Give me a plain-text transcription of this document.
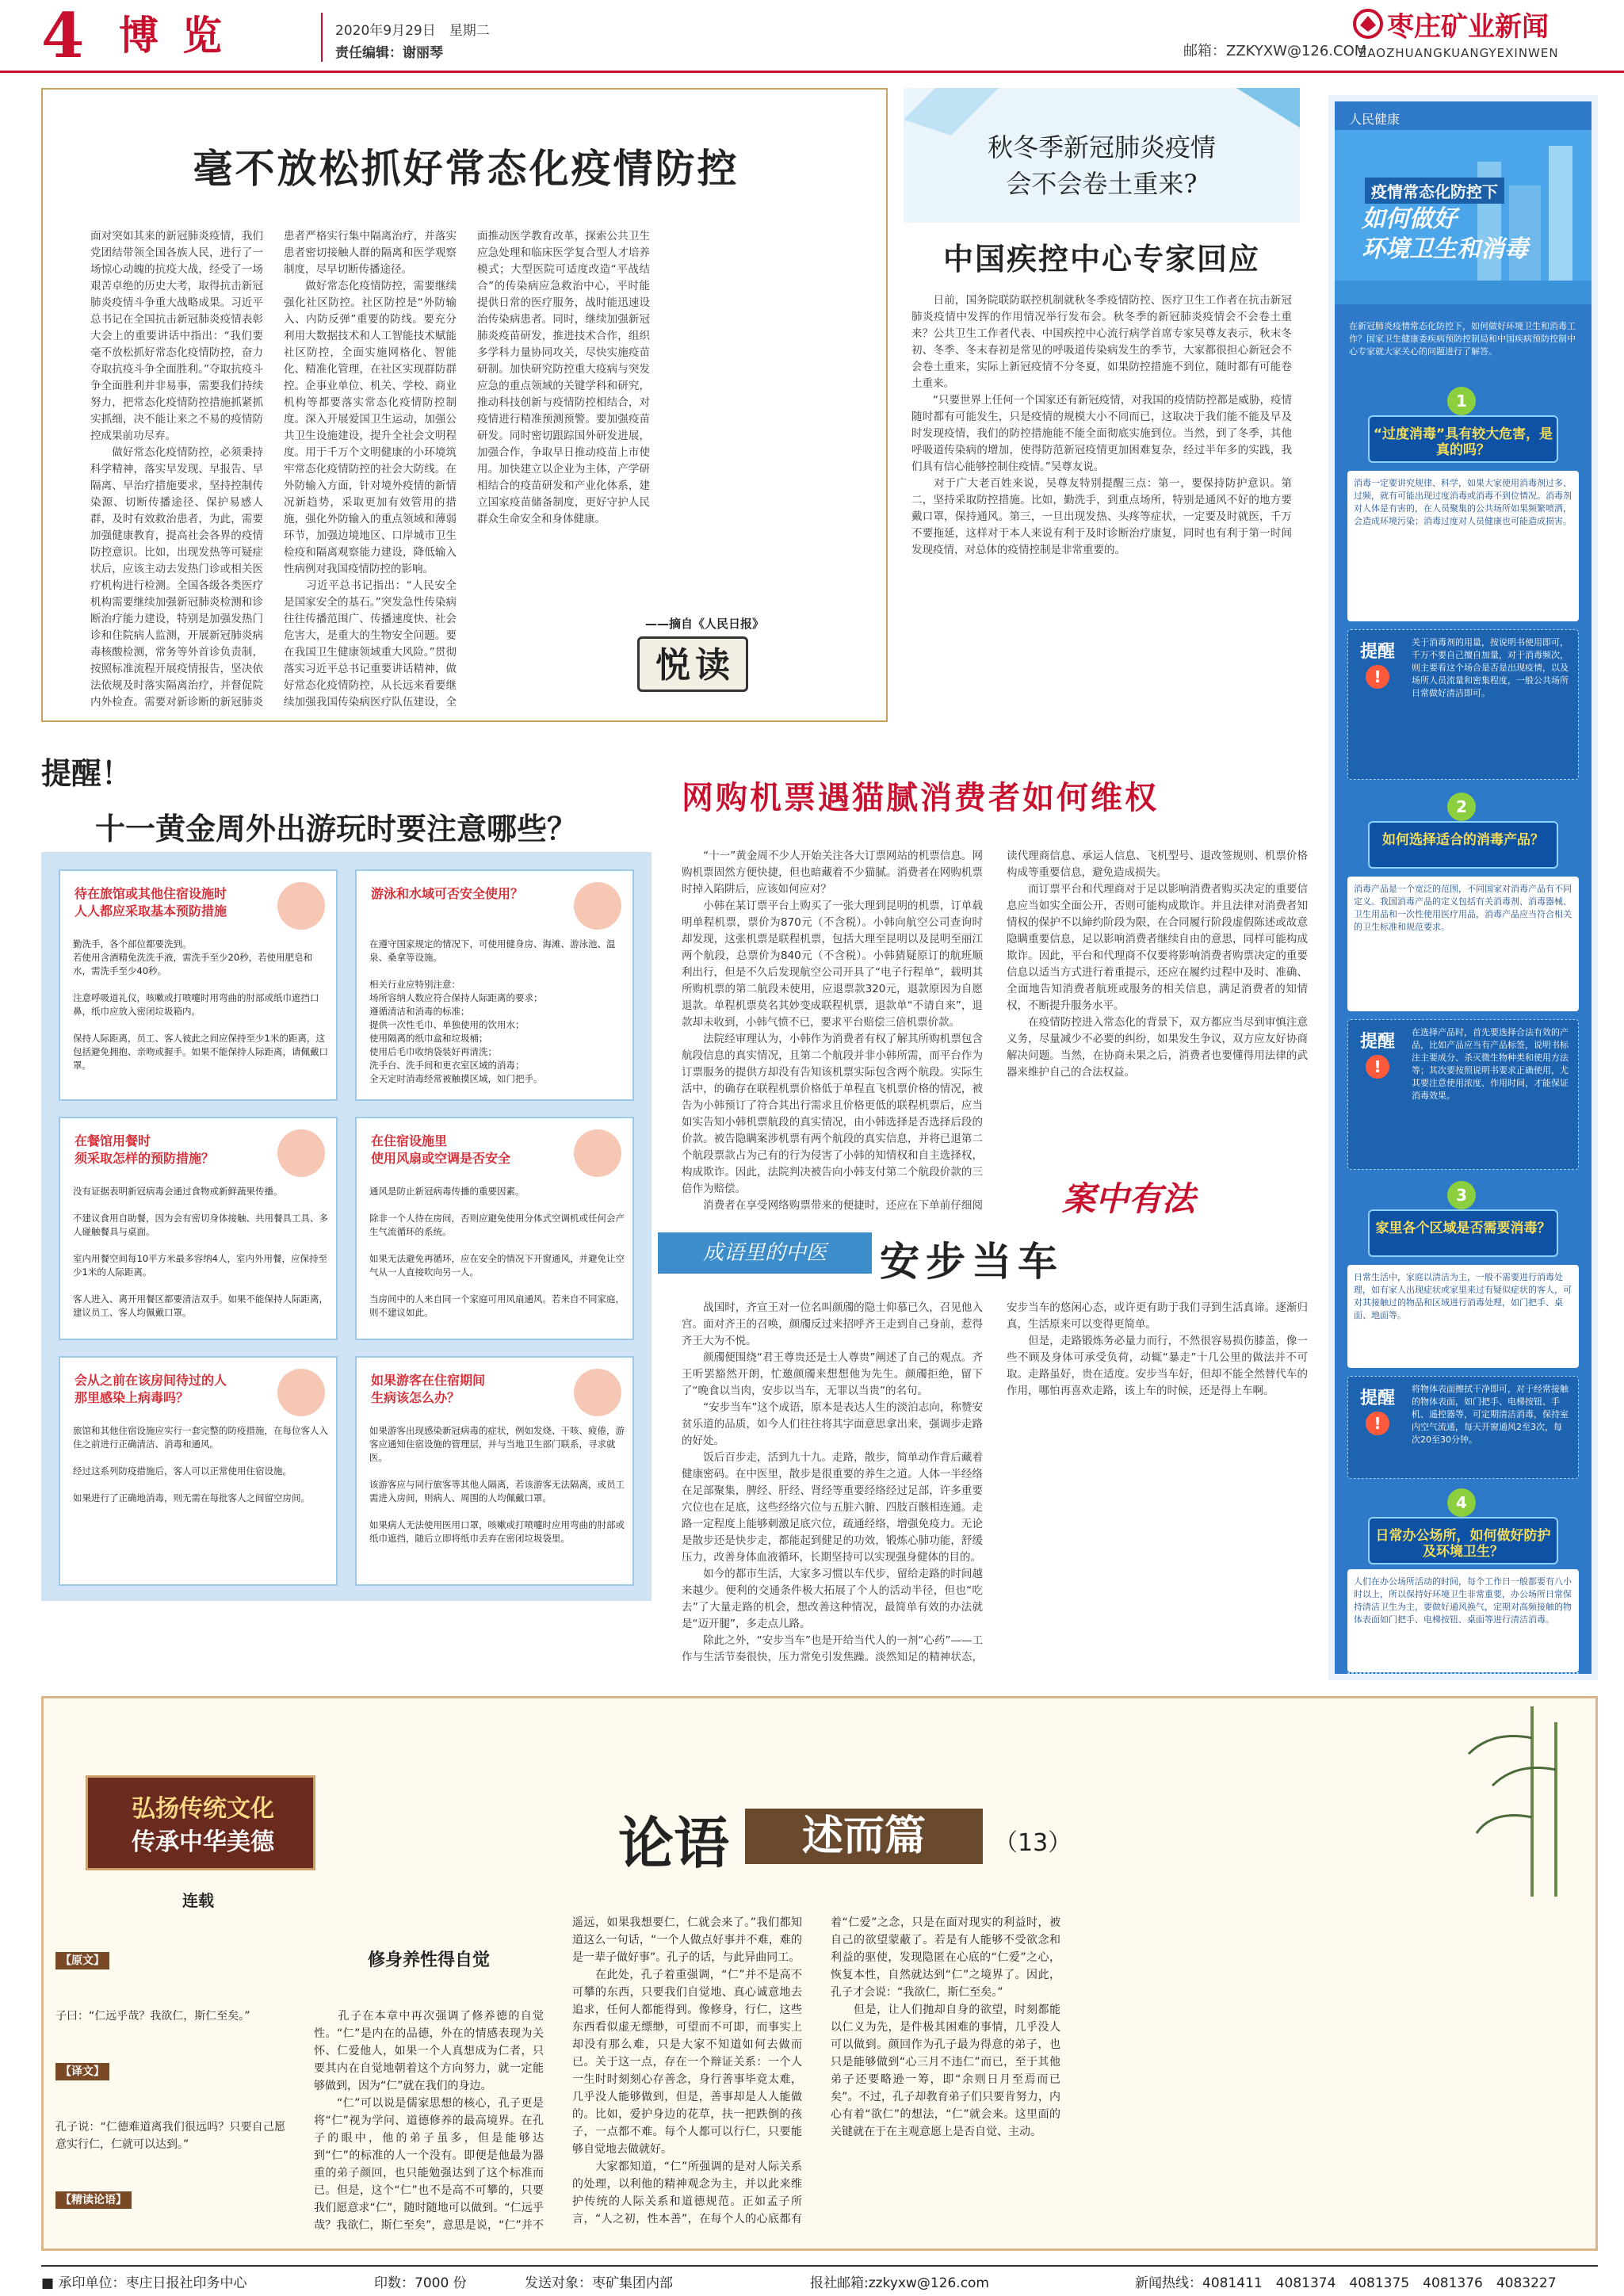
4 博览	2020年9月29日　星期二
责任编辑：谢丽琴	邮箱：ZZKYXW@126.COM
枣庄矿业新闻
ZAOZHUANGKUANGYEXINWEN
毫不放松抓好常态化疫情防控
面对突如其来的新冠肺炎疫情，我们党团结带领全国各族人民，进行了一场惊心动魄的抗疫大战，经受了一场艰苦卓绝的历史大考，取得抗击新冠肺炎疫情斗争重大战略成果。习近平总书记在全国抗击新冠肺炎疫情表彰大会上的重要讲话中指出：“我们要毫不放松抓好常态化疫情防控，奋力夺取抗疫斗争全面胜利。”夺取抗疫斗争全面胜利并非易事，需要我们持续努力，把常态化疫情防控措施抓紧抓实抓细，决不能让来之不易的疫情防控成果前功尽弃。
　　做好常态化疫情防控，必须秉持科学精神，落实早发现、早报告、早隔离、早治疗措施要求，坚持控制传染源、切断传播途径、保护易感人群，及时有效救治患者，为此，需要加强健康教育，提高社会各界的疫情防控意识。比如，出现发热等可疑症状后，应该主动去发热门诊或相关医疗机构进行检测。全国各级各类医疗机构需要继续加强新冠肺炎检测和诊断治疗能力建设，特别是加强发热门诊和住院病人监测，开展新冠肺炎病毒核酸检测，常务等外首诊负责制，按照标准流程开展疫情报告，坚决依法依规及时落实隔离治疗，并督促院内外检查。需要对新诊断的新冠肺炎患者严格实行集中隔离治疗，并落实患者密切接触人群的隔离和医学观察制度，尽早切断传播途径。
　　做好常态化疫情防控，需要继续强化社区防控。社区防控是“外防输入、内防反弹”重要的防线。要充分利用大数据技术和人工智能技术赋能社区防控，全面实施网格化、智能化、精准化管理，在社区实现群防群控。企事业单位、机关、学校、商业机构等都要落实常态化疫情防控制度。深入开展爱国卫生运动，加强公共卫生设施建设，提升全社会文明程度。用于千万个文明健康的小环境筑牢常态化疫情防控的社会大防线。在外防输入方面，针对境外疫情的新情况新趋势，采取更加有效管用的措施，强化外防输入的重点领域和薄弱环节，加强边境地区、口岸城市卫生检疫和隔离观察能力建设，降低输入性病例对我国疫情防控的影响。
　　习近平总书记指出：“人民安全是国家安全的基石。”突发急性传染病往往传播范围广、传播速度快、社会危害大，是重大的生物安全问题。要在我国卫生健康领域重大风险。”贯彻落实习近平总书记重要讲话精神，做好常态化疫情防控，从长远来看要继续加强我国传染病医疗队伍建设，全面推动医学教育改革，探索公共卫生应急处理和临床医学复合型人才培养模式；大型医院可适度改造“平战结合”的传染病应急救治中心，平时能提供日常的医疗服务，战时能迅速设治传染病患者。同时，继续加强新冠肺炎疫苗研发，推进技术合作，组织多学科力量协同攻关，尽快实施疫苗研制。加快研究防控重大疫病与突发应急的重点领域的关键学科和研究，推动科技创新与疫情防控相结合，对疫情进行精准预测预警。要加强疫苗研发。同时密切跟踪国外研发进展，加强合作，争取早日推动疫苗上市使用。加快建立以企业为主体，产学研相结合的疫苗研发和产业化体系，建立国家疫苗储备制度，更好守护人民群众生命安全和身体健康。
——摘自《人民日报》
悦 读
秋冬季新冠肺炎疫情
会不会卷土重来?
中国疾控中心专家回应
　　日前，国务院联防联控机制就秋冬季疫情防控、医疗卫生工作者在抗击新冠肺炎疫情中发挥的作用情况举行发布会。秋冬季的新冠肺炎疫情会不会卷土重来？公共卫生工作者代表、中国疾控中心流行病学首席专家吴尊友表示，秋末冬初、冬季、冬末春初是常见的呼吸道传染病发生的季节，大家都很担心新冠会不会卷土重来，实际上新冠疫情不分冬夏，如果防控措施不到位，随时都有可能卷土重来。
　　“只要世界上任何一个国家还有新冠疫情，对我国的疫情防控都是威胁，疫情随时都有可能发生，只是疫情的规模大小不同而已，这取决于我们能不能及早及时发现疫情，我们的防控措施能不能全面彻底实施到位。当然，到了冬季，其他呼吸道传染病的增加，使得防范新冠疫情更加困难复杂，经过半年多的实践，我们具有信心能够控制住疫情。”吴尊友说。
　　对于广大老百姓来说，吴尊友特别提醒三点：第一，要保持防护意识。第二，坚持采取防控措施。比如，勤洗手，到重点场所，特别是通风不好的地方要戴口罩，保持通风。第三，一旦出现发热、头疼等症状，一定要及时就医，千万不要拖延，这样对于本人来说有利于及时诊断治疗康复，同时也有利于第一时间发现疫情，对总体的疫情控制是非常重要的。
人民健康
疫情常态化防控下
如何做好
环境卫生和消毒
在新冠肺炎疫情常态化防控下，如何做好环境卫生和消毒工作？国家卫生健康委疾病预防控制局和中国疾病预防控制中心专家就大家关心的问题进行了解答。
1
“过度消毒”具有较大危害，是真的吗？
消毒一定要讲究规律、科学，如果大家使用消毒剂过多、过频，就有可能出现过度消毒或消毒不到位情况。消毒剂对人体是有害的，在人员聚集的公共场所如果频繁喷洒，会造成环境污染；消毒过度对人员健康也可能造成损害。
提醒
!
关于消毒剂的用量，按说明书使用即可，千万不要自己擅自加量，对于消毒频次，则主要看这个场合是否是出现疫情，以及场所人员流量和密集程度，一般公共场所日常做好清洁即可。
2
如何选择适合的消毒产品？
消毒产品是一个宽泛的范围，不同国家对消毒产品有不同定义。我国消毒产品的定义包括有关消毒剂、消毒器械、卫生用品和一次性使用医疗用品，消毒产品应当符合相关的卫生标准和规范要求。
提醒
!
在选择产品时，首先要选择合法有效的产品，比如产品应当有产品标签，说明书标注主要成分、杀灭微生物种类和使用方法等；其次要按照说明书要求正确使用，尤其要注意使用浓度、作用时间，才能保证消毒效果。
3
家里各个区域是否需要消毒？
日常生活中，家庭以清洁为主，一般不需要进行消毒处理，如有家人出现症状或家里来过有疑似症状的客人，可对其接触过的物品和区域进行消毒处理，如门把手、桌面、地面等。
提醒
!
将物体表面擦拭干净即可，对于经常接触的物体表面，如门把手、电梯按钮、手机、遥控器等，可定期清洁消毒，保持室内空气流通，每天开窗通风2至3次，每次20至30分钟。
4
日常办公场所，如何做好防护及环境卫生？
人们在办公场所活动的时间，每个工作日一般都要有八小时以上，所以保持好环境卫生非常重要，办公场所日常保持清洁卫生为主，要做好通风换气，定期对高频接触的物体表面如门把手、电梯按钮、桌面等进行清洁消毒。
提醒！
十一黄金周外出游玩时要注意哪些？
待在旅馆或其他住宿设施时
人人都应采取基本预防措施
勤洗手，各个部位都要洗到。
若使用含酒精免洗洗手液，需洗手至少20秒，若使用肥皂和水，需洗手至少40秒。

注意呼吸道礼仪，咳嗽或打喷嚏时用弯曲的肘部或纸巾遮挡口鼻，纸巾应放入密闭垃圾箱内。

保持人际距离，员工、客人彼此之间应保持至少1米的距离，这包括避免拥抱、亲吻或握手。如果不能保持人际距离，请佩戴口罩。
游泳和水域可否安全使用？
在遵守国家规定的情况下，可使用健身房、海滩、游泳池、温泉、桑拿等设施。

相关行业应特别注意：
场所容纳人数应符合保持人际距离的要求；
遵循清洁和消毒的标准；
提供一次性毛巾、单独使用的饮用水；
使用隔离的纸巾盒和垃圾桶；
使用后毛巾收纳袋装好再清洗；
洗手台、洗手间和更衣室区域的消毒；
全天定时消毒经常被触摸区域，如门把手。
在餐馆用餐时
须采取怎样的预防措施？
没有证据表明新冠病毒会通过食物或新鲜蔬果传播。

不建议食用自助餐，因为会有密切身体接触、共用餐具工具、多人碰触餐具与桌面。

室内用餐空间每10平方米最多容纳4人，室内外用餐，应保持至少1米的人际距离。

客人进入、离开用餐区都要清洁双手。如果不能保持人际距离，建议员工、客人均佩戴口罩。
在住宿设施里
使用风扇或空调是否安全
通风是防止新冠病毒传播的重要因素。

除非一个人待在房间，否则应避免使用分体式空调机或任何会产生气流循环的系统。

如果无法避免再循环，应在安全的情况下开窗通风，并避免让空气从一人直接吹向另一人。

当房间中的人来自同一个家庭可用风扇通风。若来自不同家庭，则不建议如此。
会从之前在该房间待过的人
那里感染上病毒吗？
旅馆和其他住宿设施应实行一套完整的防疫措施，在每位客人入住之前进行正确清洁、消毒和通风。

经过这系列防疫措施后，客人可以正常使用住宿设施。

如果进行了正确地消毒，则无需在每批客人之间留空房间。
如果游客在住宿期间
生病该怎么办？
如果游客出现感染新冠病毒的症状，例如发烧、干咳、疲倦，游客应通知住宿设施的管理层，并与当地卫生部门联系，寻求就医。

该游客应与同行旅客等其他人隔离，若该游客无法隔离，或员工需进入房间，则病人、周围的人均佩戴口罩。

如果病人无法使用医用口罩，咳嗽或打喷嚏时应用弯曲的肘部或纸巾遮挡，随后立即将纸巾丢弃在密闭垃圾袋里。
网购机票遇猫腻消费者如何维权
　　“十一”黄金周不少人开始关注各大订票网站的机票信息。网购机票固然方便快捷，但也暗藏着不少猫腻。消费者在网购机票时掉入陷阱后，应该如何应对？
　　小韩在某订票平台上购买了一张大理到昆明的机票，订单载明单程机票，票价为870元（不含税）。小韩向航空公司查询时却发现，这张机票是联程机票，包括大理至昆明以及昆明至丽江两个航段，总票价为840元（不含税）。小韩猜疑原订的航班顺利出行，但是不久后发现航空公司开具了“电子行程单”，载明其所购机票的第二航段未使用，应退票款320元，退款原因为自愿退款。单程机票莫名其妙变成联程机票，退款单“不请自来”，退款却未收到，小韩气愤不已，要求平台赔偿三倍机票价款。
　　法院经审理认为，小韩作为消费者有权了解其所购机票包含航段信息的真实情况，且第二个航段并非小韩所需，而平台作为订票服务的提供方却没有告知该机票实际包含两个航段。实际生活中，的确存在联程机票价格低于单程直飞机票价格的情况，被告为小韩预订了符合其出行需求且价格更低的联程机票后，应当如实告知小韩机票航段的真实情况，由小韩选择是否选择后段的价款。被告隐瞒案涉机票有两个航段的真实信息，并将已退第二个航段票款占为己有的行为侵害了小韩的知情权和自主选择权，构成欺诈。因此，法院判决被告向小韩支付第二个航段价款的三倍作为赔偿。
　　消费者在享受网络购票带来的便捷时，还应在下单前仔细阅读代理商信息、承运人信息、飞机型号、退改签规则、机票价格构成等重要信息，避免造成损失。
　　而订票平台和代理商对于足以影响消费者购买决定的重要信息应当如实全面公开，否则可能构成欺诈。并且法律对消费者知情权的保护不以締约阶段为限，在合同履行阶段虚假陈述或故意隐瞒重要信息，足以影响消费者继续自由的意思，同样可能构成欺诈。因此，平台和代理商不仅要将影响消费者购票决定的重要信息以适当方式进行着重提示，还应在履约过程中及时、准确、全面地告知消费者航班或服务的相关信息，满足消费者的知情权，不断提升服务水平。
　　在疫情防控进入常态化的背景下，双方都应当尽到审慎注意义务，尽量减少不必要的纠纷，如果发生争议，双方应友好协商解决问题。当然，在协商未果之后，消费者也要懂得用法律的武器来维护自己的合法权益。
案中有法
成语里的中医	安步当车
　　战国时，齐宣王对一位名叫颜斶的隐士仰慕已久，召见他入宫。面对齐王的召唤，颜斶反过来招呼齐王走到自己身前，惹得齐王大为不悦。
　　颜斶便围绕“君王尊贵还是士人尊贵”阐述了自己的观点。齐王听罢豁然开朗，忙邀颜斶来想想他为先生。颜斶拒绝，留下了“晚食以当肉，安步以当车，无罪以当贵”的名句。
　　“安步当车”这个成语，原本是表达人生的淡泊志向，称赞安贫乐道的品质，如今人们往往将其字面意思拿出来，强调步走路的好处。
　　饭后百步走，活到九十九。走路，散步，简单动作背后藏着健康密码。在中医里，散步是很重要的养生之道。人体一半经络在足部聚集，脾经、肝经、肾经等重要经络经过足部，许多重要穴位也在足底，这些经络穴位与五脏六腑、四肢百骸相连通。走路一定程度上能够刺激足底穴位，疏通经络，增强免疫力。无论是散步还是快步走，都能起到健足的功效，锻炼心肺功能，舒缓压力，改善身体血液循环，长期坚持可以实现强身健体的目的。
　　如今的都市生活，大家多习惯以车代步，留给走路的时间越来越少。便利的交通条件极大拓展了个人的活动半径，但也“吃去”了大量走路的机会，想改善这种情况，最简单有效的办法就是“迈开腿”，多走点儿路。
　　除此之外，“安步当车”也是开给当代人的一剂“心药”——工作与生活节奏很快，压力常免引发焦躁。淡然知足的精神状态，安步当车的悠闲心态，或许更有助于我们寻到生活真谛。逐渐归真，生活原来可以变得更简单。
　　但是，走路锻炼务必量力而行，不然很容易损伤膝盖，像一些不顾及身体可承受负荷，动辄“暴走”十几公里的做法并不可取。走路虽好，贵在适度。安步当车好，但却不能全然替代车的作用，哪怕再喜欢走路，该上车的时候，还是得上车啊。
弘扬传统文化
传承中华美德
连载
论语	述而篇	（13）

【原文】

子曰：“仁远乎哉？我欲仁，斯仁至矣。”

【译文】

孔子说：“仁德难道离我们很远吗？只要自己愿意实行仁，仁就可以达到。”

【精读论语】

修身养性得自觉

　　孔子在本章中再次强调了修养德的自觉性。“仁”是内在的品德，外在的情感表现为关怀、仁爱他人，如果一个人真想成为仁者，只要其内在自觉地朝着这个方向努力，就一定能够做到，因为“仁”就在我们的身边。
　　“仁”可以说是儒家思想的核心，孔子更是将“仁”视为学问、道德修养的最高境界。在孔子的眼中，他的弟子虽多，但是能够达到“仁”的标准的人一个没有。即便是他最为器重的弟子颜回，也只能勉强达到了这个标准而已。但是，这个“仁”也不是高不可攀的，只要我们愿意求“仁”，随时随地可以做到。“仁远乎哉？我欲仁，斯仁至矣”，意思是说，“仁”并不遥远，如果我想要仁，仁就会来了。”我们都知道这么一句话，“一个人做点好事并不难，难的是一辈子做好事”。孔子的话，与此异曲同工。
　　在此处，孔子着重强调，“仁”并不是高不可攀的东西，只要我们自觉地、真心诚意地去追求，任何人都能得到。像修身，行仁，这些东西看似虚无缥缈，可望而不可即，而事实上却没有那么难，只是大家不知道如何去做而已。关于这一点，存在一个辩证关系：一个人一生时时刻刻心存善念，身行善事毕竟太难，几乎没人能够做到，但是，善事却是人人能做的。比如，爱护身边的花草，扶一把跌倒的孩子，一点都不难。每个人都可以行仁，只要能够自觉地去做就好。
　　大家都知道，“仁”所强调的是对人际关系的处理，以利他的精神观念为主，并以此来维护传统的人际关系和道德规范。正如孟子所言，“人之初，性本善”，在每个人的心底都有着“仁爱”之念，只是在面对现实的利益时，被自己的欲望蒙蔽了。若是有人能够不受欲念和利益的驱使，发现隐匿在心底的“仁爱”之心，恢复本性，自然就达到“仁”之境界了。因此，孔子才会说：“我欲仁，斯仁至矣。”
　　但是，让人们抛却自身的欲望，时刻都能以仁义为先，是件极其困难的事情，几乎没人可以做到。颜回作为孔子最为得意的弟子，也只是能够做到“心三月不违仁”而已，至于其他弟子还要略逊一筹，即“余则日月至焉而已矣”。不过，孔子却教育弟子们只要肯努力，内心有着“欲仁”的想法，“仁”就会来。这里面的关键就在于在主观意愿上是否自觉、主动。

■ 承印单位：枣庄日报社印务中心	印数：7000 份	发送对象：枣矿集团内部	报社邮箱:zzkyxw@126.com	新闻热线：4081411　4081374　4081375　4081376　4083227
